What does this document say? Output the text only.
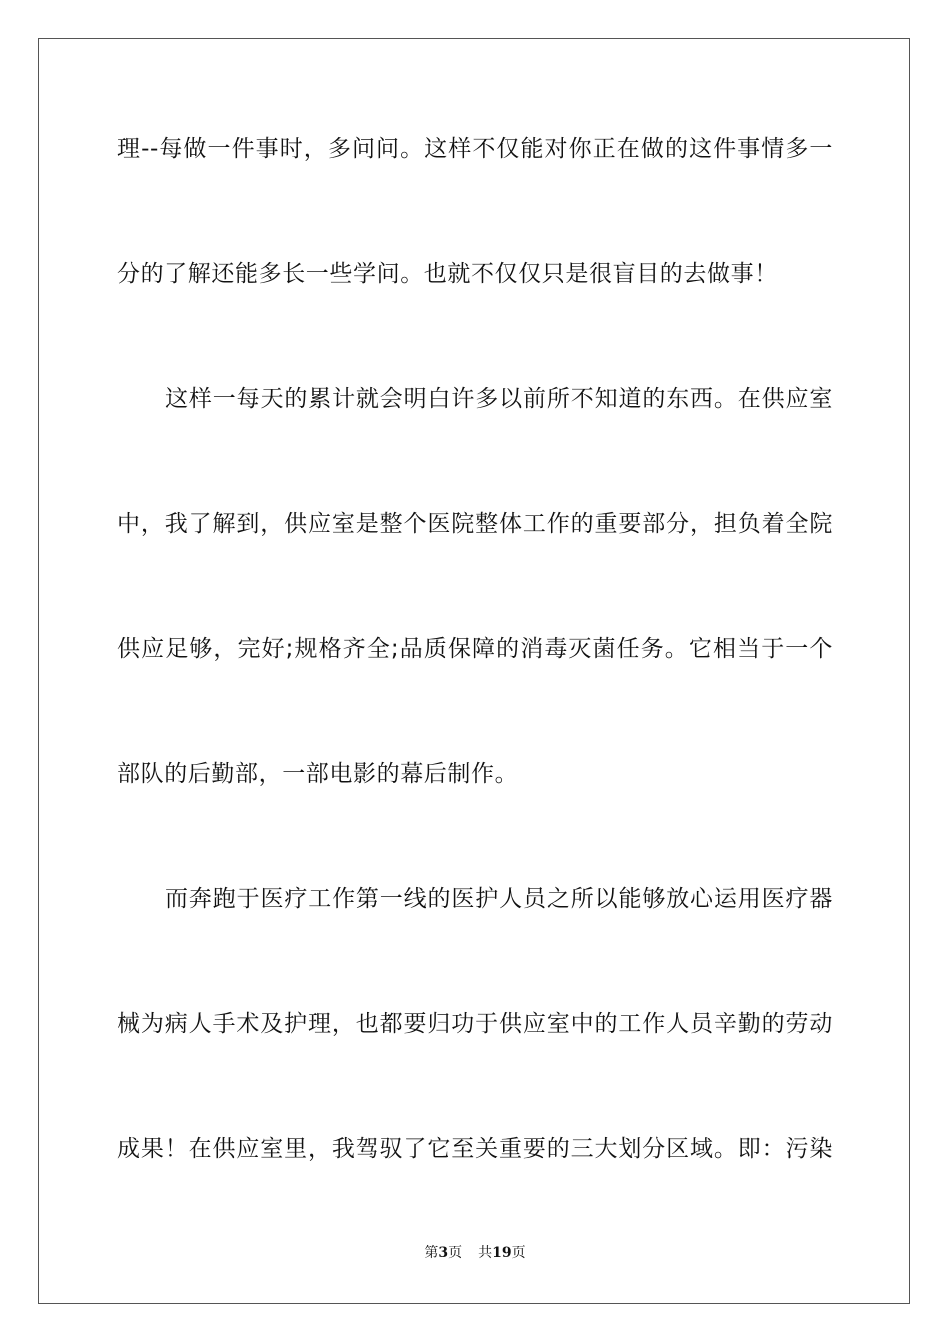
理--每做一件事时，多问问。这样不仅能对你正在做的这件事情多一
分的了解还能多长一些学问。也就不仅仅只是很盲目的去做事！
这样一每天的累计就会明白许多以前所不知道的东西。在供应室
中，我了解到，供应室是整个医院整体工作的重要部分，担负着全院
供应足够，完好;规格齐全;品质保障的消毒灭菌任务。它相当于一个
部队的后勤部，一部电影的幕后制作。
而奔跑于医疗工作第一线的医护人员之所以能够放心运用医疗器
械为病人手术及护理，也都要归功于供应室中的工作人员辛勤的劳动
成果！在供应室里，我驾驭了它至关重要的三大划分区域。即：污染
第3页 共19页
